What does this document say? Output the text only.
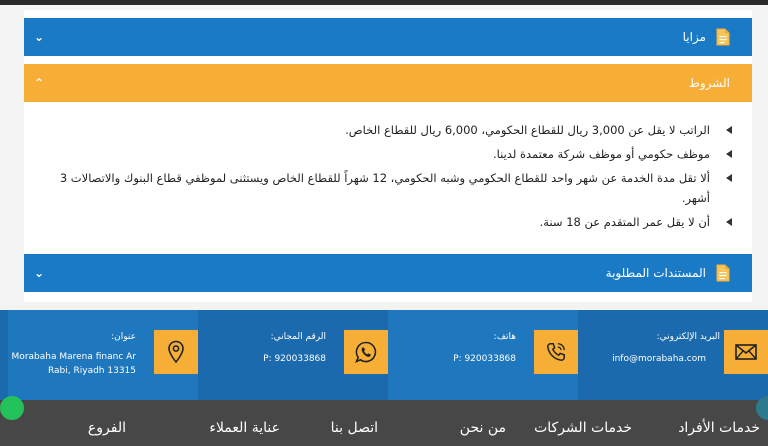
⌄	مزايا
⌃	الشروط
الراتب لا يقل عن 3,000 ريال للقطاع الحكومي، 6,000 ريال للقطاع الخاص.
موظف حكومي أو موظف شركة معتمدة لدينا.
ألا تقل مدة الخدمة عن شهر واحد للقطاع الحكومي وشبه الحكومي، 12 شهراً للقطاع الخاص ويستثنى لموظفي قطاع البنوك والاتصالات 3 أشهر.
أن لا يقل عمر المتقدم عن 18 سنة.
⌄	المستندات المطلوبة
البريد الإلكتروني:
info@morabaha.com
هاتف:
P: 920033868
الرقم المجاني:
P: 920033868
عنوان:
Morabaha Marena financ Ar
Rabi, Riyadh 13315
خدمات الأفراد
خدمات الشركات
من نحن
اتصل بنا
عناية العملاء
الفروع
